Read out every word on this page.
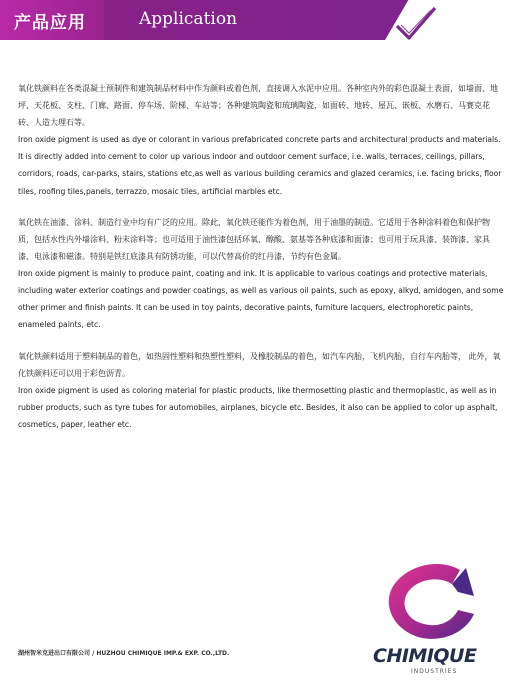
产品应用	Application

氧化铁颜料在各类混凝土预制件和建筑制品材料中作为颜料或着色剂，直接调入水泥中应用。各种室内外的彩色混凝土表面，如墙面、地坪、天花板、支柱、门廊、路面、停车场、阶梯、车站等；各种建筑陶瓷和琉璃陶瓷，如面砖、地砖、屋瓦、嵌板、水磨石、马赛克花砖、人造大理石等。

Iron oxide pigment is used as dye or colorant in various prefabricated concrete parts and architectural products and materials. It is directly added into cement to color up various indoor and outdoor cement surface, i.e. walls, terraces, ceilings, pillars, corridors, roads, car-parks, stairs, stations etc,as well as various building ceramics and glazed ceramics, i.e. facing bricks, floor tiles, roofing tiles,panels, terrazzo, mosaic tiles, artificial marbles etc.

氧化铁在油漆、涂料、制造行业中均有广泛的应用。除此，氧化铁还能作为着色剂，用于油墨的制造。它适用于各种涂料着色和保护物质，包括水性内外墙涂料、粉末涂料等；也可适用于油性漆包括环氧、醇酸、氨基等各种底漆和面漆；也可用于玩具漆、装饰漆、家具漆、电泳漆和磁漆。特别是铁红底漆具有防锈功能，可以代替高价的红丹漆，节约有色金属。

Iron oxide pigment is mainly to produce paint, coating and ink. It is applicable to various coatings and protective materials, including water exterior coatings and powder coatings, as well as various oil paints, such as epoxy, alkyd, amidogen, and some other primer and finish paints. It can be used in toy paints, decorative paints, furniture lacquers, electrophoretic paints, enameled paints, etc.

氧化铁颜料适用于塑料制品的着色，如热固性塑料和热塑性塑料，及橡胶制品的着色，如汽车内胎，飞机内胎，自行车内胎等， 此外，氧化铁颜料还可以用于彩色沥青。

Iron oxide pigment is used as coloring material for plastic products, like thermosetting plastic and thermoplastic, as well as in rubber products, such as tyre tubes for automobiles, airplanes, bicycle etc. Besides, it also can be applied to color up asphalt, cosmetics, paper, leather etc.

CHIMIQUE
INDUSTRIES
湖州智米克进出口有限公司 / HUZHOU CHIMIQUE IMP.& EXP. CO.,LTD.
